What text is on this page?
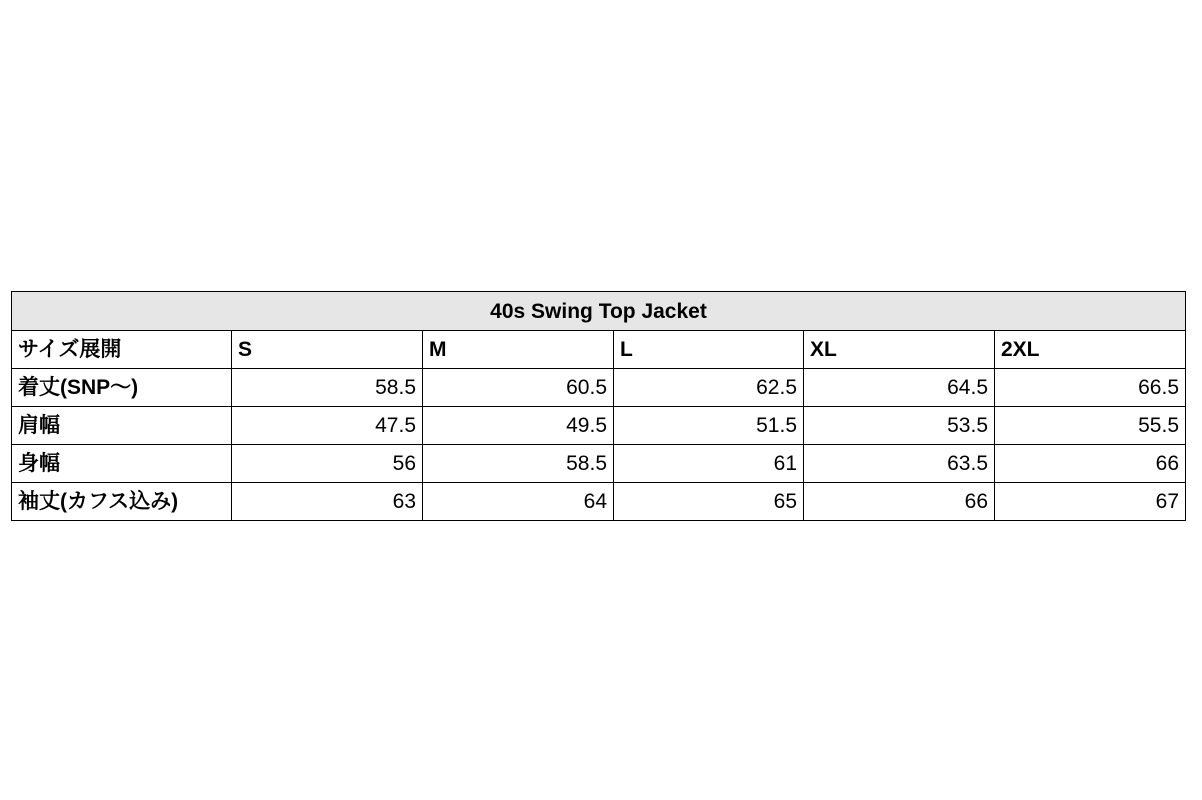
40s Swing Top Jacket					
サイズ展開	S	M	L	XL	2XL
着丈(SNP〜)	58.5	60.5	62.5	64.5	66.5
肩幅	47.5	49.5	51.5	53.5	55.5
身幅	56	58.5	61	63.5	66
袖丈(カフス込み)	63	64	65	66	67
